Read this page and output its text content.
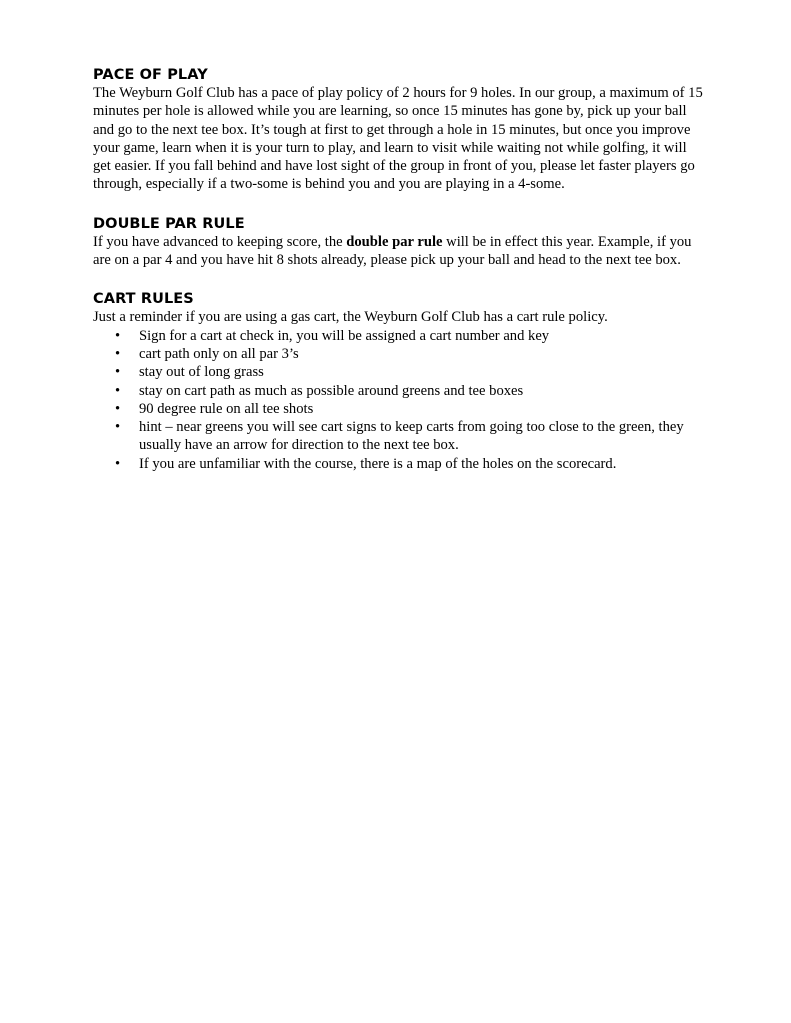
PACE OF PLAY

The Weyburn Golf Club has a pace of play policy of 2 hours for 9 holes. In our group, a maximum of 15 minutes per hole is allowed while you are learning, so once 15 minutes has gone by, pick up your ball and go to the next tee box. It’s tough at first to get through a hole in 15 minutes, but once you improve your game, learn when it is your turn to play, and learn to visit while waiting not while golfing, it will get easier. If you fall behind and have lost sight of the group in front of you, please let faster players go through, especially if a two-some is behind you and you are playing in a 4-some.

DOUBLE PAR RULE

If you have advanced to keeping score, the double par rule will be in effect this year. Example, if you are on a par 4 and you have hit 8 shots already, please pick up your ball and head to the next tee box.

CART RULES

Just a reminder if you are using a gas cart, the Weyburn Golf Club has a cart rule policy.

• Sign for a cart at check in, you will be assigned a cart number and key
• cart path only on all par 3’s
• stay out of long grass
• stay on cart path as much as possible around greens and tee boxes
• 90 degree rule on all tee shots
• hint – near greens you will see cart signs to keep carts from going too close to the green, they usually have an arrow for direction to the next tee box.
• If you are unfamiliar with the course, there is a map of the holes on the scorecard.
